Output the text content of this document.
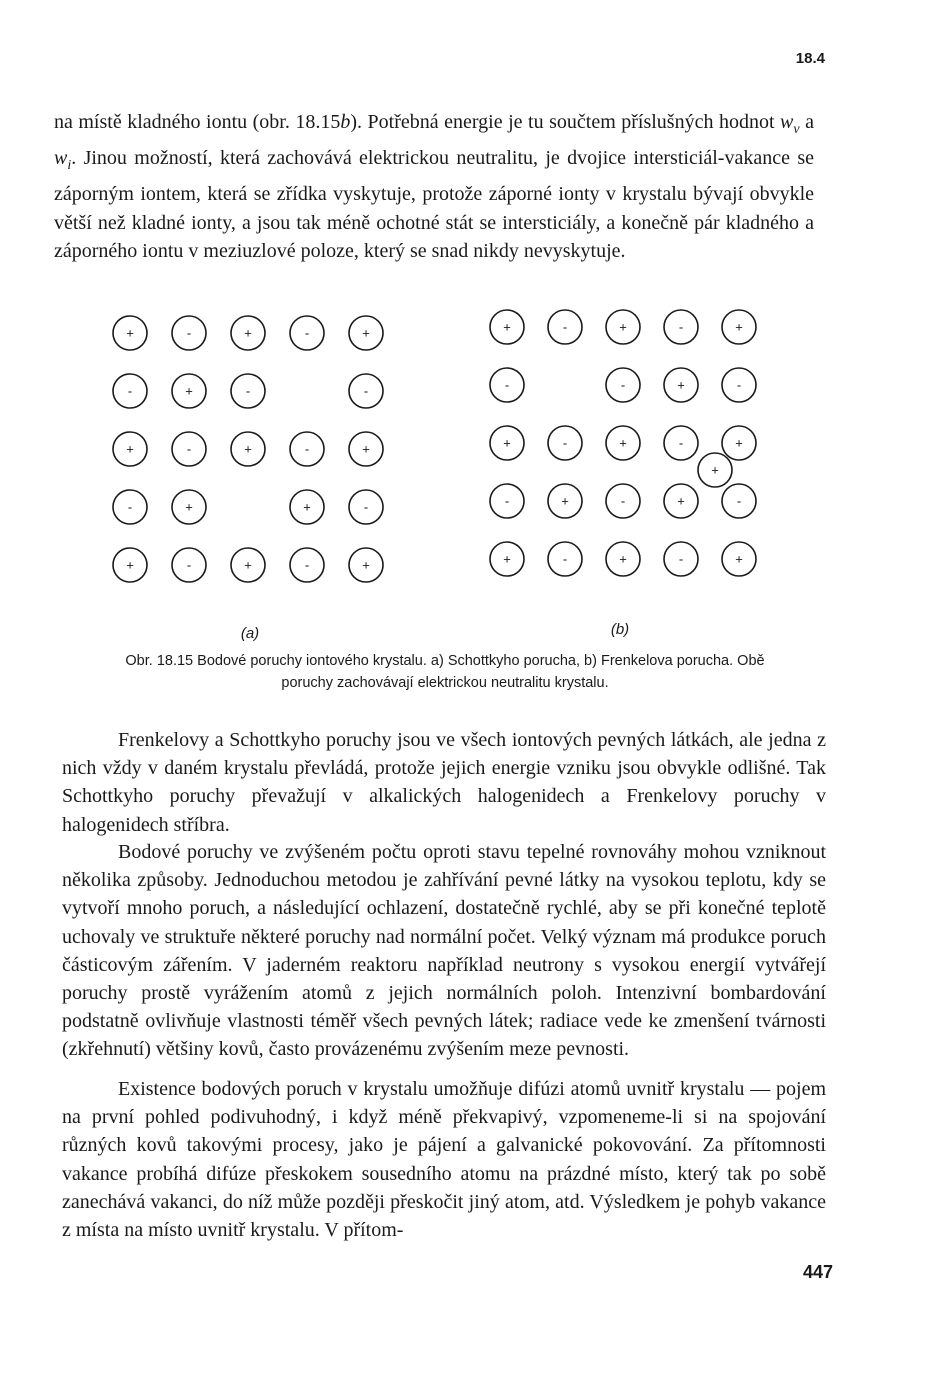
18.4

na místě kladného iontu (obr. 18.15b). Potřebná energie je tu součtem příslušných hodnot $w_v$ a $w_i$. Jinou možností, která zachovává elektrickou neutralitu, je dvojice intersticiál-vakance se záporným iontem, která se zřídka vyskytuje, protože záporné ionty v krystalu bývají obvykle větší než kladné ionty, a jsou tak méně ochotné stát se intersticiály, a konečně pár kladného a záporného iontu v meziuzlové poloze, který se snad nikdy nevyskytuje.

+	-	+	-	+
-	+	-	-
+	-	+	-	+
-	+	+	-
+	-	+	-	+
+	-	+	-	+
-	-	+	-
+	-	+	-	+
-	+	-	+	-
+	-	+	-	+
+
(a)	(b)
Obr. 18.15 Bodové poruchy iontového krystalu. a) Schottkyho porucha, b) Frenkelova porucha. Obě
poruchy zachovávají elektrickou neutralitu krystalu.

Frenkelovy a Schottkyho poruchy jsou ve všech iontových pevných látkách, ale jedna z nich vždy v daném krystalu převládá, protože jejich energie vzniku jsou obvykle odlišné. Tak Schottkyho poruchy převažují v alkalických halogenidech a Frenkelovy poruchy v halogenidech stříbra.

Bodové poruchy ve zvýšeném počtu oproti stavu tepelné rovnováhy mohou vzniknout několika způsoby. Jednoduchou metodou je zahřívání pevné látky na vysokou teplotu, kdy se vytvoří mnoho poruch, a následující ochlazení, dostatečně rychlé, aby se při konečné teplotě uchovaly ve struktuře některé poruchy nad normální počet. Velký význam má produkce poruch částicovým zářením. V jaderném reaktoru například neutrony s vysokou energií vytvářejí poruchy prostě vyrážením atomů z jejich normálních poloh. Intenzivní bombardování podstatně ovlivňuje vlastnosti téměř všech pevných látek; radiace vede ke zmenšení tvárnosti (zkřehnutí) většiny kovů, často provázenému zvýšením meze pevnosti.

Existence bodových poruch v krystalu umožňuje difúzi atomů uvnitř krystalu — pojem na první pohled podivuhodný, i když méně překvapivý, vzpomeneme-li si na spojování různých kovů takovými procesy, jako je pájení a galvanické pokovování. Za přítomnosti vakance probíhá difúze přeskokem sousedního atomu na prázdné místo, který tak po sobě zanechává vakanci, do níž může později přeskočit jiný atom, atd. Výsledkem je pohyb vakance z místa na místo uvnitř krystalu. V přítom-

447
